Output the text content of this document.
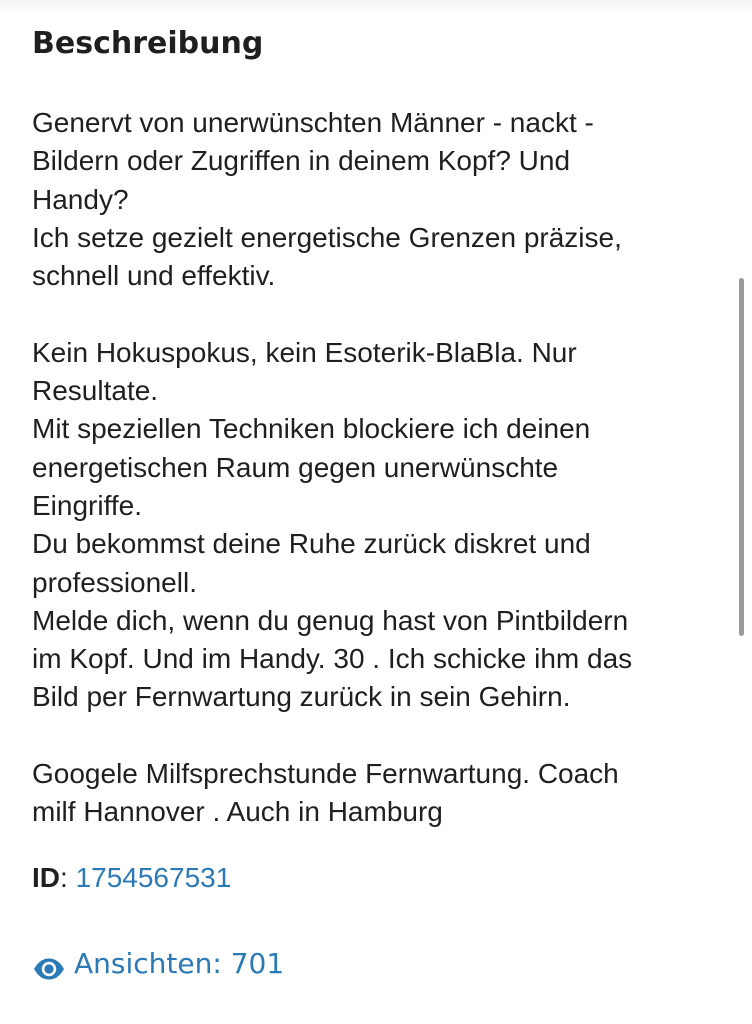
Beschreibung
Genervt von unerwünschten Männer - nackt -
Bildern oder Zugriffen in deinem Kopf? Und
Handy?
Ich setze gezielt energetische Grenzen präzise,
schnell und effektiv.
Kein Hokuspokus, kein Esoterik-BlaBla. Nur
Resultate.
Mit speziellen Techniken blockiere ich deinen
energetischen Raum gegen unerwünschte
Eingriffe.
Du bekommst deine Ruhe zurück diskret und
professionell.
Melde dich, wenn du genug hast von Pintbildern
im Kopf. Und im Handy. 30 . Ich schicke ihm das
Bild per Fernwartung zurück in sein Gehirn.
Googele Milfsprechstunde Fernwartung. Coach
milf Hannover . Auch in Hamburg
ID: 1754567531
Ansichten: 701
